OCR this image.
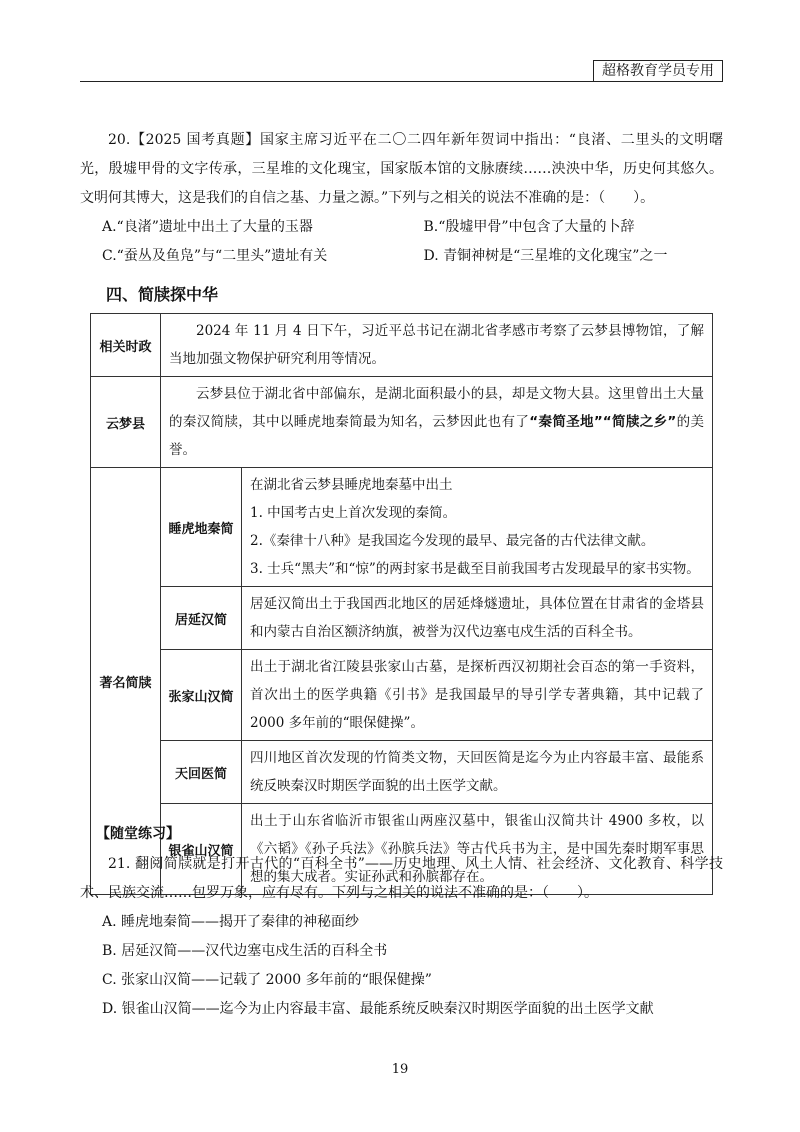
超格教育学员专用

20.【2025 国考真题】国家主席习近平在二〇二四年新年贺词中指出：“良渚、二里头的文明曙光，殷墟甲骨的文字传承，三星堆的文化瑰宝，国家版本馆的文脉赓续……泱泱中华，历史何其悠久。文明何其博大，这是我们的自信之基、力量之源。”下列与之相关的说法不准确的是：（　　）。

A.“良渚”遗址中出土了大量的玉器	B.“殷墟甲骨”中包含了大量的卜辞
C.“蚕丛及鱼凫”与“二里头”遗址有关	D. 青铜神树是“三星堆的文化瑰宝”之一
四、简牍探中华
相关时政	2024 年 11 月 4 日下午，习近平总书记在湖北省孝感市考察了云梦县博物馆，了解当地加强文物保护研究利用等情况。	

云梦县	云梦县位于湖北省中部偏东，是湖北面积最小的县，却是文物大县。这里曾出土大量的秦汉简牍，其中以睡虎地秦简最为知名，云梦因此也有了“秦简圣地”“简牍之乡”的美誉。	

著名简牍	睡虎地秦简	在湖北省云梦县睡虎地秦墓中出土

1. 中国考古史上首次发现的秦简。

2.《秦律十八种》是我国迄今发现的最早、最完备的古代法律文献。

3. 士兵“黑夫”和“惊”的两封家书是截至目前我国考古发现最早的家书实物。

	居延汉简	居延汉简出土于我国西北地区的居延烽燧遗址，具体位置在甘肃省的金塔县和内蒙古自治区额济纳旗，被誉为汉代边塞屯戍生活的百科全书。

	张家山汉简	出土于湖北省江陵县张家山古墓，是探析西汉初期社会百态的第一手资料，首次出土的医学典籍《引书》是我国最早的导引学专著典籍，其中记载了 2000 多年前的“眼保健操”。

	天回医简	四川地区首次发现的竹简类文物，天回医简是迄今为止内容最丰富、最能系统反映秦汉时期医学面貌的出土医学文献。

	银雀山汉简	出土于山东省临沂市银雀山两座汉墓中，银雀山汉简共计 4900 多枚，以《六韬》《孙子兵法》《孙膑兵法》等古代兵书为主，是中国先秦时期军事思想的集大成者。实证孙武和孙膑都存在。

【随堂练习】

21. 翻阅简牍就是打开古代的“百科全书”——历史地理、风土人情、社会经济、文化教育、科学技术、民族交流……包罗万象，应有尽有。下列与之相关的说法不准确的是：（　　）。

A. 睡虎地秦简——揭开了秦律的神秘面纱
B. 居延汉简——汉代边塞屯戍生活的百科全书
C. 张家山汉简——记载了 2000 多年前的“眼保健操”
D. 银雀山汉简——迄今为止内容最丰富、最能系统反映秦汉时期医学面貌的出土医学文献
19
